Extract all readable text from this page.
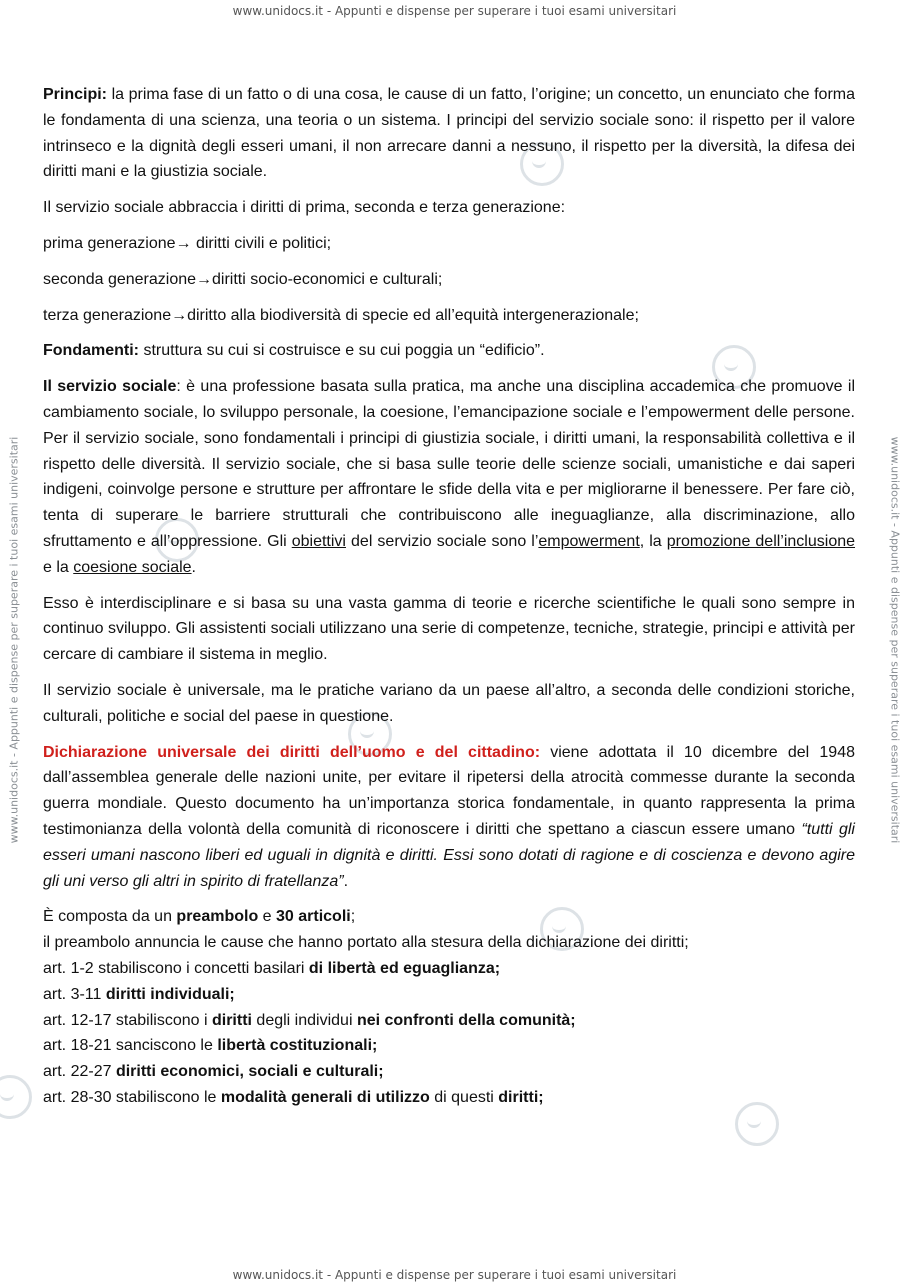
www.unidocs.it - Appunti e dispense per superare i tuoi esami universitari
www.unidocs.it - Appunti e dispense per superare i tuoi esami universitari	www.unidocs.it - Appunti e dispense per superare i tuoi esami universitari

Principi: la prima fase di un fatto o di una cosa, le cause di un fatto, l’origine; un concetto, un enunciato che forma le fondamenta di una scienza, una teoria o un sistema. I principi del servizio sociale sono: il rispetto per il valore intrinseco e la dignità degli esseri umani, il non arrecare danni a nessuno, il rispetto per la diversità, la difesa dei diritti mani e la giustizia sociale.

Il servizio sociale abbraccia i diritti di prima, seconda e terza generazione:

prima generazione→ diritti civili e politici;

seconda generazione→diritti socio-economici e culturali;

terza generazione→diritto alla biodiversità di specie ed all’equità intergenerazionale;

Fondamenti: struttura su cui si costruisce e su cui poggia un “edificio”.

Il servizio sociale: è una professione basata sulla pratica, ma anche una disciplina accademica che promuove il cambiamento sociale, lo sviluppo personale, la coesione, l’emancipazione sociale e l’empowerment delle persone. Per il servizio sociale, sono fondamentali i principi di giustizia sociale, i diritti umani, la responsabilità collettiva e il rispetto delle diversità. Il servizio sociale, che si basa sulle teorie delle scienze sociali, umanistiche e dai saperi indigeni, coinvolge persone e strutture per affrontare le sfide della vita e per migliorarne il benessere. Per fare ciò, tenta di superare le barriere strutturali che contribuiscono alle ineguaglianze, alla discriminazione, allo sfruttamento e all’oppressione. Gli obiettivi del servizio sociale sono l’empowerment, la promozione dell’inclusione e la coesione sociale.

Esso è interdisciplinare e si basa su una vasta gamma di teorie e ricerche scientifiche le quali sono sempre in continuo sviluppo. Gli assistenti sociali utilizzano una serie di competenze, tecniche, strategie, principi e attività per cercare di cambiare il sistema in meglio.

Il servizio sociale è universale, ma le pratiche variano da un paese all’altro, a seconda delle condizioni storiche, culturali, politiche e social del paese in questione.

Dichiarazione universale dei diritti dell’uomo e del cittadino: viene adottata il 10 dicembre del 1948 dall’assemblea generale delle nazioni unite, per evitare il ripetersi della atrocità commesse durante la seconda guerra mondiale. Questo documento ha un’importanza storica fondamentale, in quanto rappresenta la prima testimonianza della volontà della comunità di riconoscere i diritti che spettano a ciascun essere umano “tutti gli esseri umani nascono liberi ed uguali in dignità e diritti. Essi sono dotati di ragione e di coscienza e devono agire gli uni verso gli altri in spirito di fratellanza”.

È composta da un preambolo e 30 articoli;

il preambolo annuncia le cause che hanno portato alla stesura della dichiarazione dei diritti;

art. 1-2 stabiliscono i concetti basilari di libertà ed eguaglianza;

art. 3-11 diritti individuali;

art. 12-17 stabiliscono i diritti degli individui nei confronti della comunità;

art. 18-21 sanciscono le libertà costituzionali;

art. 22-27 diritti economici, sociali e culturali;

art. 28-30 stabiliscono le modalità generali di utilizzo di questi diritti;

www.unidocs.it - Appunti e dispense per superare i tuoi esami universitari
